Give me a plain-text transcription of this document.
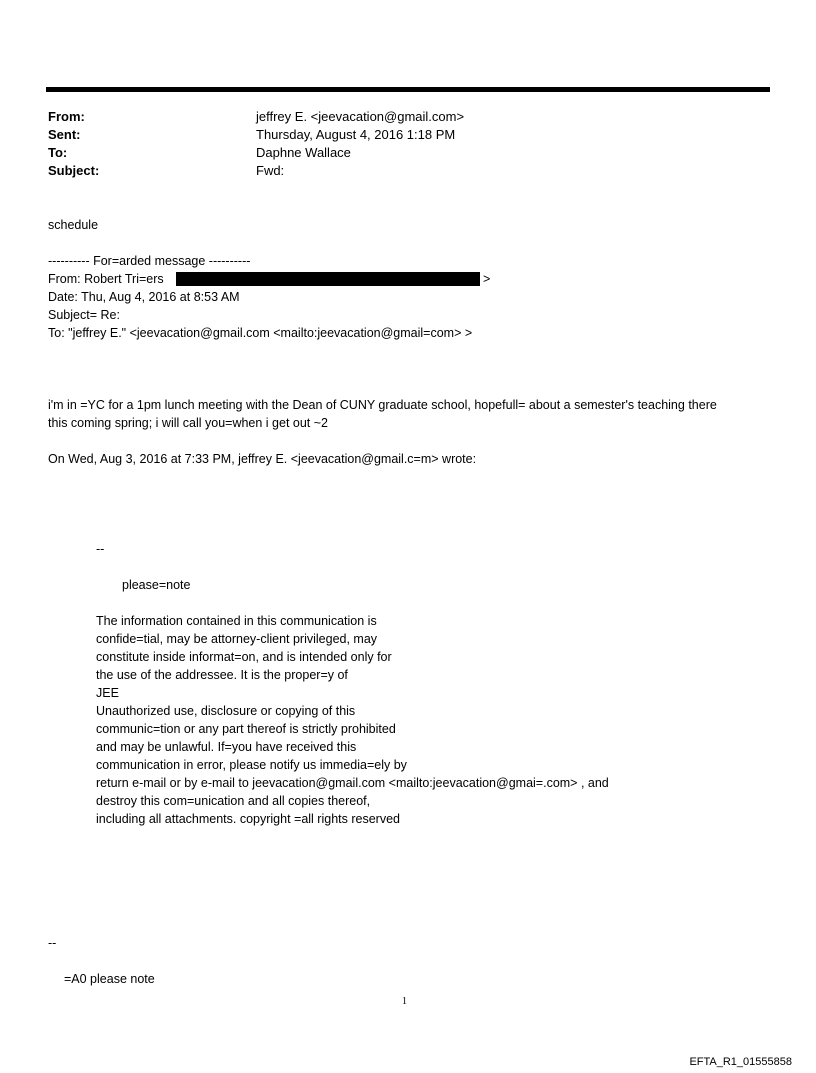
From:	jeffrey E. <jeevacation@gmail.com>
Sent:	Thursday, August 4, 2016 1:18 PM
To:	Daphne Wallace
Subject:	Fwd:
schedule
---------- For=arded message ----------
From: Robert Tri=ers	>
Date: Thu, Aug 4, 2016 at 8:53 AM
Subject= Re:
To: "jeffrey E." <jeevacation@gmail.com <mailto:jeevacation@gmail=com> >
i'm in =YC for a 1pm lunch meeting with the Dean of CUNY graduate school, hopefull= about a semester's teaching there
this coming spring; i will call you=when i get out ~2
On Wed, Aug 3, 2016 at 7:33 PM, jeffrey E. <jeevacation@gmail.c=m> wrote:
--
please=note
The information contained in this communication is
confide=tial, may be attorney-client privileged, may
constitute inside informat=on, and is intended only for
the use of the addressee. It is the proper=y of
JEE
Unauthorized use, disclosure or copying of this
communic=tion or any part thereof is strictly prohibited
and may be unlawful. If=you have received this
communication in error, please notify us immedia=ely by
return e-mail or by e-mail to jeevacation@gmail.com <mailto:jeevacation@gmai=.com> , and
destroy this com=unication and all copies thereof,
including all attachments. copyright =all rights reserved
--
=A0 please note
1
EFTA_R1_01555858
